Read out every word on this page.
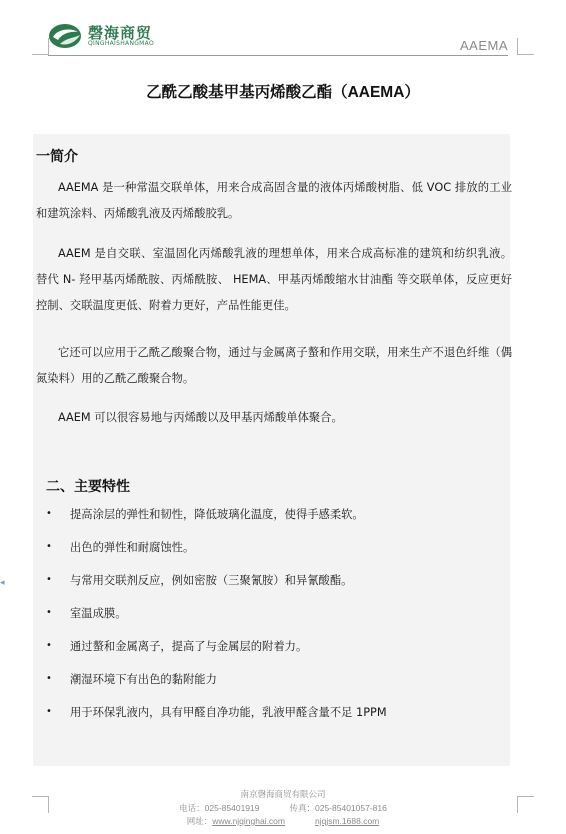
磬海商贸
QINGHAISHANGMAO	AAEMA
◂
乙酰乙酸基甲基丙烯酸乙酯（AAEMA）
一简介
AAEMA 是一种常温交联单体，用来合成高固含量的液体丙烯酸树脂、低 VOC 排放的工业和建筑涂料、丙烯酸乳液及丙烯酸胶乳。
AAEM 是自交联、室温固化丙烯酸乳液的理想单体，用来合成高标准的建筑和纺织乳液。替代 N- 羟甲基丙烯酰胺、丙烯酰胺、 HEMA、甲基丙烯酸缩水甘油酯 等交联单体，反应更好控制、交联温度更低、附着力更好，产品性能更佳。
它还可以应用于乙酰乙酸聚合物，通过与金属离子螯和作用交联，用来生产不退色纤维（偶氮染料）用的乙酰乙酸聚合物。
AAEM 可以很容易地与丙烯酸以及甲基丙烯酸单体聚合。
二、主要特性
• 提高涂层的弹性和韧性，降低玻璃化温度，使得手感柔软。
• 出色的弹性和耐腐蚀性。
• 与常用交联剂反应，例如密胺（三聚氰胺）和异氰酸酯。
• 室温成膜。
• 通过螯和金属离子，提高了与金属层的附着力。
• 潮湿环境下有出色的黏附能力
• 用于环保乳液内，具有甲醛自净功能，乳液甲醛含量不足 1PPM
南京磬海商贸有限公司
电话：025-85401919	传真：025-85401057-816
网址：www.njqinghai.com	njqjsm.1688.com
